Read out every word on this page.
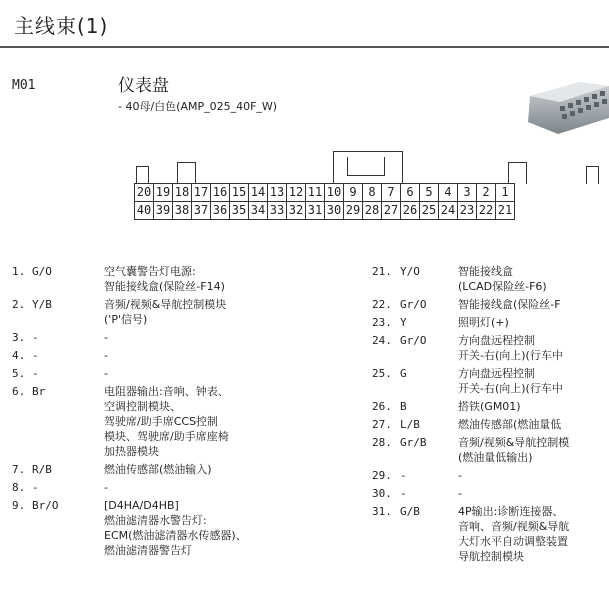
主线束(1)
M01	仪表盘
- 40母/白色(AMP_025_40F_W)
20	19	18	17	16	15	14	13	12	11	10	9	8	7	6	5	4	3	2	1
40	39	38	37	36	35	34	33	32	31	30	29	28	27	26	25	24	23	22	21
1. G/O	空气囊警告灯电源:
智能接线盒(保险丝-F14)
2. Y/B	音频/视频&导航控制模块
('P'信号)
3. -	-
4. -	-
5. -	-
6. Br	电阻器输出:音响、钟表、
空调控制模块、
驾驶席/助手席CCS控制
模块、驾驶席/助手席座椅
加热器模块
7. R/B	燃油传感部(燃油输入)
8. -	-
9. Br/O	[D4HA/D4HB]
燃油滤清器水警告灯:
ECM(燃油滤清器水传感器)、
燃油滤清器警告灯
21. Y/O	智能接线盒
(LCAD保险丝-F6)
22. Gr/O	智能接线盒(保险丝-F
23. Y	照明灯(+)
24. Gr/O	方向盘远程控制
开关-右(向上)(行车中
25. G	方向盘远程控制
开关-右(向上)(行车中
26. B	搭铁(GM01)
27. L/B	燃油传感部(燃油量低
28. Gr/B	音频/视频&导航控制模
(燃油量低输出)
29. -	-
30. -	-
31. G/B	4P输出:诊断连接器、
音响、音频/视频&导航
大灯水平自动调整装置
导航控制模块
